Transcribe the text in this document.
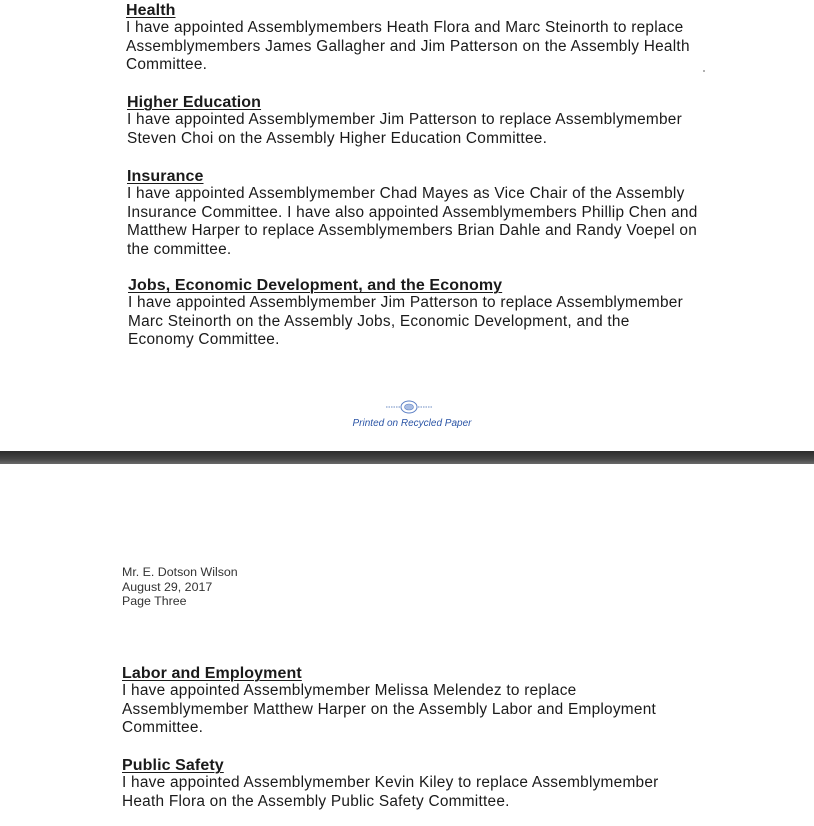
Health

I have appointed Assemblymembers Heath Flora and Marc Steinorth to replace
Assemblymembers James Gallagher and Jim Patterson on the Assembly Health
Committee.

Higher Education

I have appointed Assemblymember Jim Patterson to replace Assemblymember
Steven Choi on the Assembly Higher Education Committee.

Insurance

I have appointed Assemblymember Chad Mayes as Vice Chair of the Assembly
Insurance Committee. I have also appointed Assemblymembers Phillip Chen and
Matthew Harper to replace Assemblymembers Brian Dahle and Randy Voepel on
the committee.

Jobs, Economic Development, and the Economy

I have appointed Assemblymember Jim Patterson to replace Assemblymember
Marc Steinorth on the Assembly Jobs, Economic Development, and the
Economy Committee.

Printed on Recycled Paper
Mr. E. Dotson Wilson
August 29, 2017
Page Three
Labor and Employment

I have appointed Assemblymember Melissa Melendez to replace
Assemblymember Matthew Harper on the Assembly Labor and Employment
Committee.

Public Safety

I have appointed Assemblymember Kevin Kiley to replace Assemblymember
Heath Flora on the Assembly Public Safety Committee.
